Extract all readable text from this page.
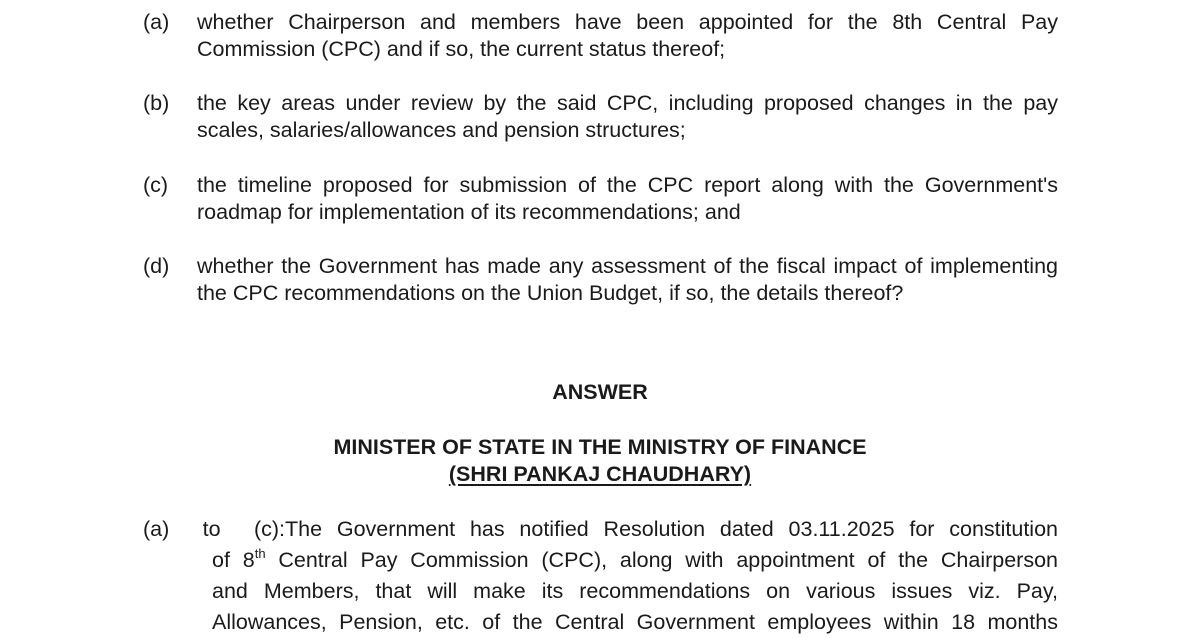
(a)	whether Chairperson and members have been appointed for the 8th Central Pay Commission (CPC) and if so, the current status thereof;
(b)	the key areas under review by the said CPC, including proposed changes in the pay scales, salaries/allowances and pension structures;
(c)	the timeline proposed for submission of the CPC report along with the Government's roadmap for implementation of its recommendations; and
(d)	whether the Government has made any assessment of the fiscal impact of implementing the CPC recommendations on the Union Budget, if so, the details thereof?
ANSWER
MINISTER OF STATE IN THE MINISTRY OF FINANCE
(SHRI PANKAJ CHAUDHARY)
(a) to (c):The Government has notified Resolution dated 03.11.2025 for constitution
of 8th Central Pay Commission (CPC), along with appointment of the Chairperson
and Members, that will make its recommendations on various issues viz. Pay,
Allowances, Pension, etc. of the Central Government employees within 18 months
